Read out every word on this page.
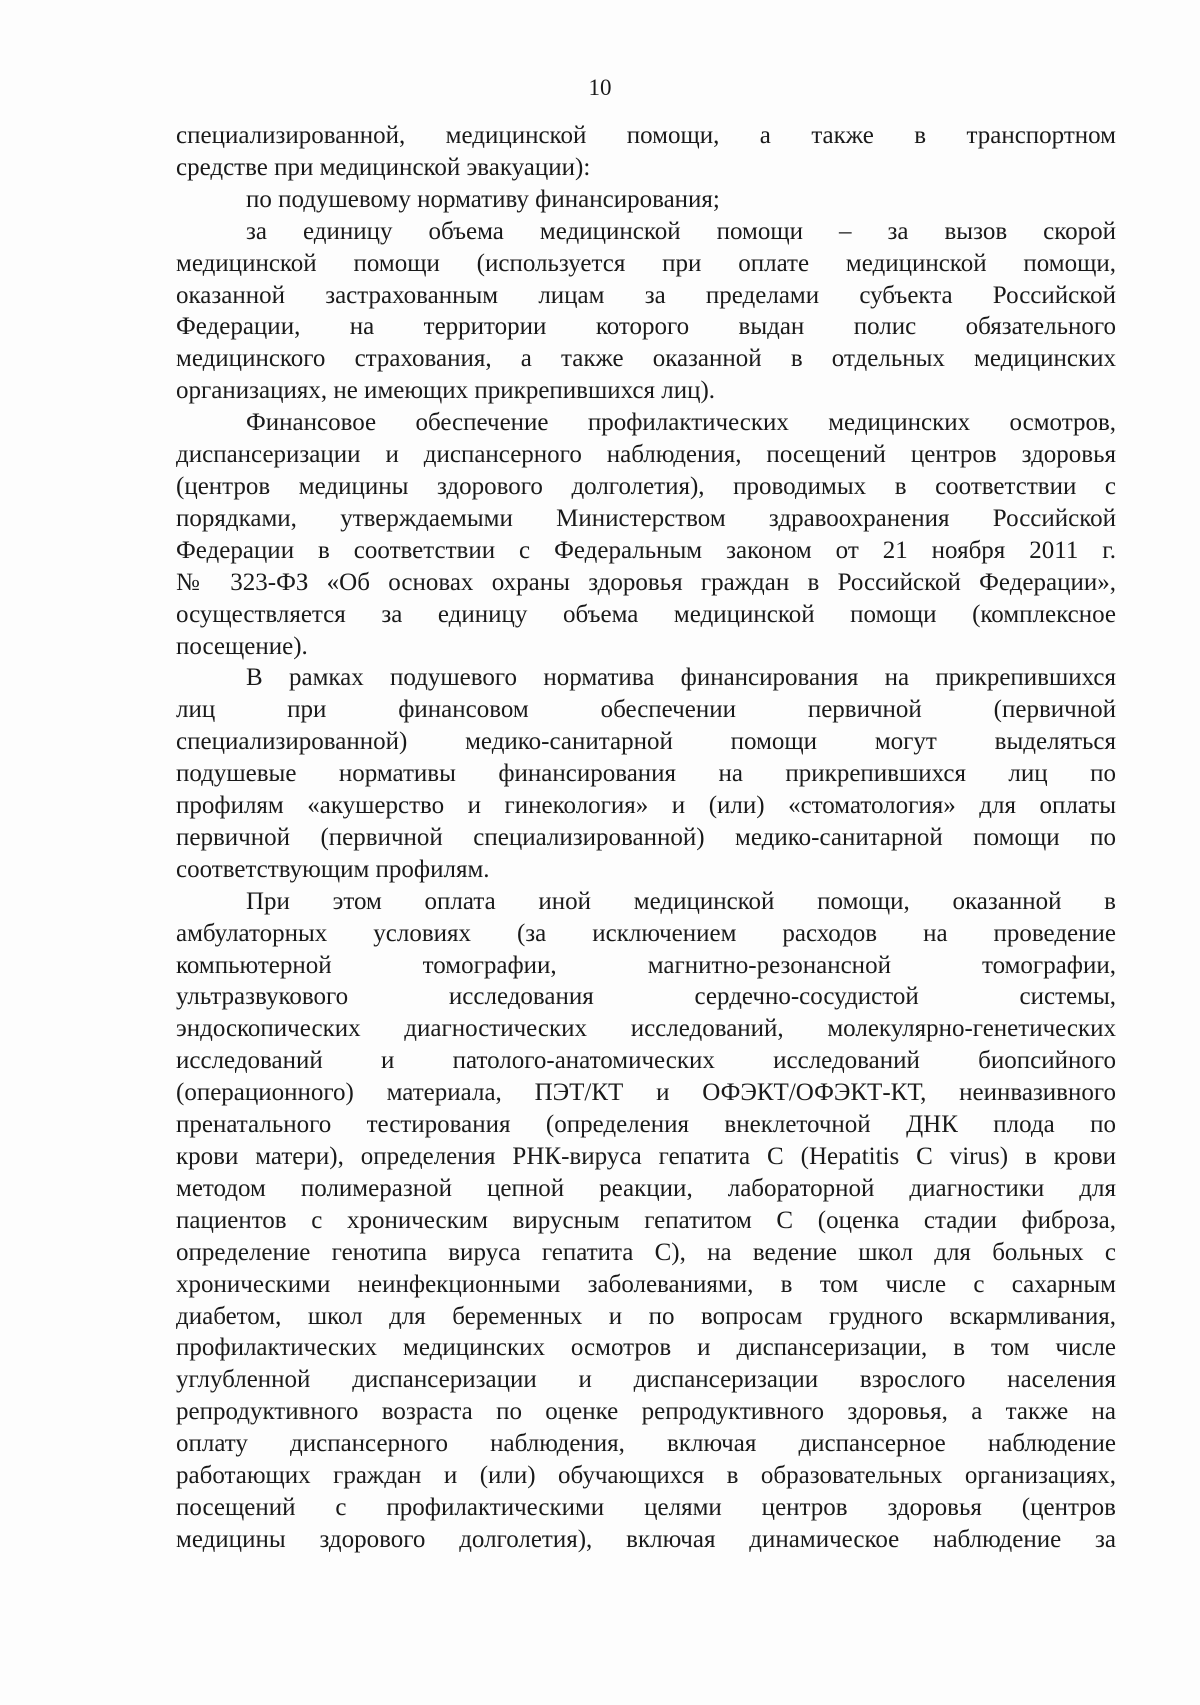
10
специализированной, медицинской помощи, а также в транспортном
средстве при медицинской эвакуации):
по подушевому нормативу финансирования;
за единицу объема медицинской помощи – за вызов скорой
медицинской помощи (используется при оплате медицинской помощи,
оказанной застрахованным лицам за пределами субъекта Российской
Федерации, на территории которого выдан полис обязательного
медицинского страхования, а также оказанной в отдельных медицинских
организациях, не имеющих прикрепившихся лиц).
Финансовое обеспечение профилактических медицинских осмотров,
диспансеризации и диспансерного наблюдения, посещений центров здоровья
(центров медицины здорового долголетия), проводимых в соответствии с
порядками, утверждаемыми Министерством здравоохранения Российской
Федерации в соответствии с Федеральным законом от 21 ноября 2011 г.
№ 323-ФЗ «Об основах охраны здоровья граждан в Российской Федерации»,
осуществляется за единицу объема медицинской помощи (комплексное
посещение).
В рамках подушевого норматива финансирования на прикрепившихся
лиц при финансовом обеспечении первичной (первичной
специализированной) медико-санитарной помощи могут выделяться
подушевые нормативы финансирования на прикрепившихся лиц по
профилям «акушерство и гинекология» и (или) «стоматология» для оплаты
первичной (первичной специализированной) медико-санитарной помощи по
соответствующим профилям.
При этом оплата иной медицинской помощи, оказанной в
амбулаторных условиях (за исключением расходов на проведение
компьютерной томографии, магнитно-резонансной томографии,
ультразвукового исследования сердечно-сосудистой системы,
эндоскопических диагностических исследований, молекулярно-генетических
исследований и патолого-анатомических исследований биопсийного
(операционного) материала, ПЭТ/КТ и ОФЭКТ/ОФЭКТ-КТ, неинвазивного
пренатального тестирования (определения внеклеточной ДНК плода по
крови матери), определения РНК-вируса гепатита С (Hepatitis C virus) в крови
методом полимеразной цепной реакции, лабораторной диагностики для
пациентов с хроническим вирусным гепатитом С (оценка стадии фиброза,
определение генотипа вируса гепатита С), на ведение школ для больных с
хроническими неинфекционными заболеваниями, в том числе с сахарным
диабетом, школ для беременных и по вопросам грудного вскармливания,
профилактических медицинских осмотров и диспансеризации, в том числе
углубленной диспансеризации и диспансеризации взрослого населения
репродуктивного возраста по оценке репродуктивного здоровья, а также на
оплату диспансерного наблюдения, включая диспансерное наблюдение
работающих граждан и (или) обучающихся в образовательных организациях,
посещений с профилактическими целями центров здоровья (центров
медицины здорового долголетия), включая динамическое наблюдение за
